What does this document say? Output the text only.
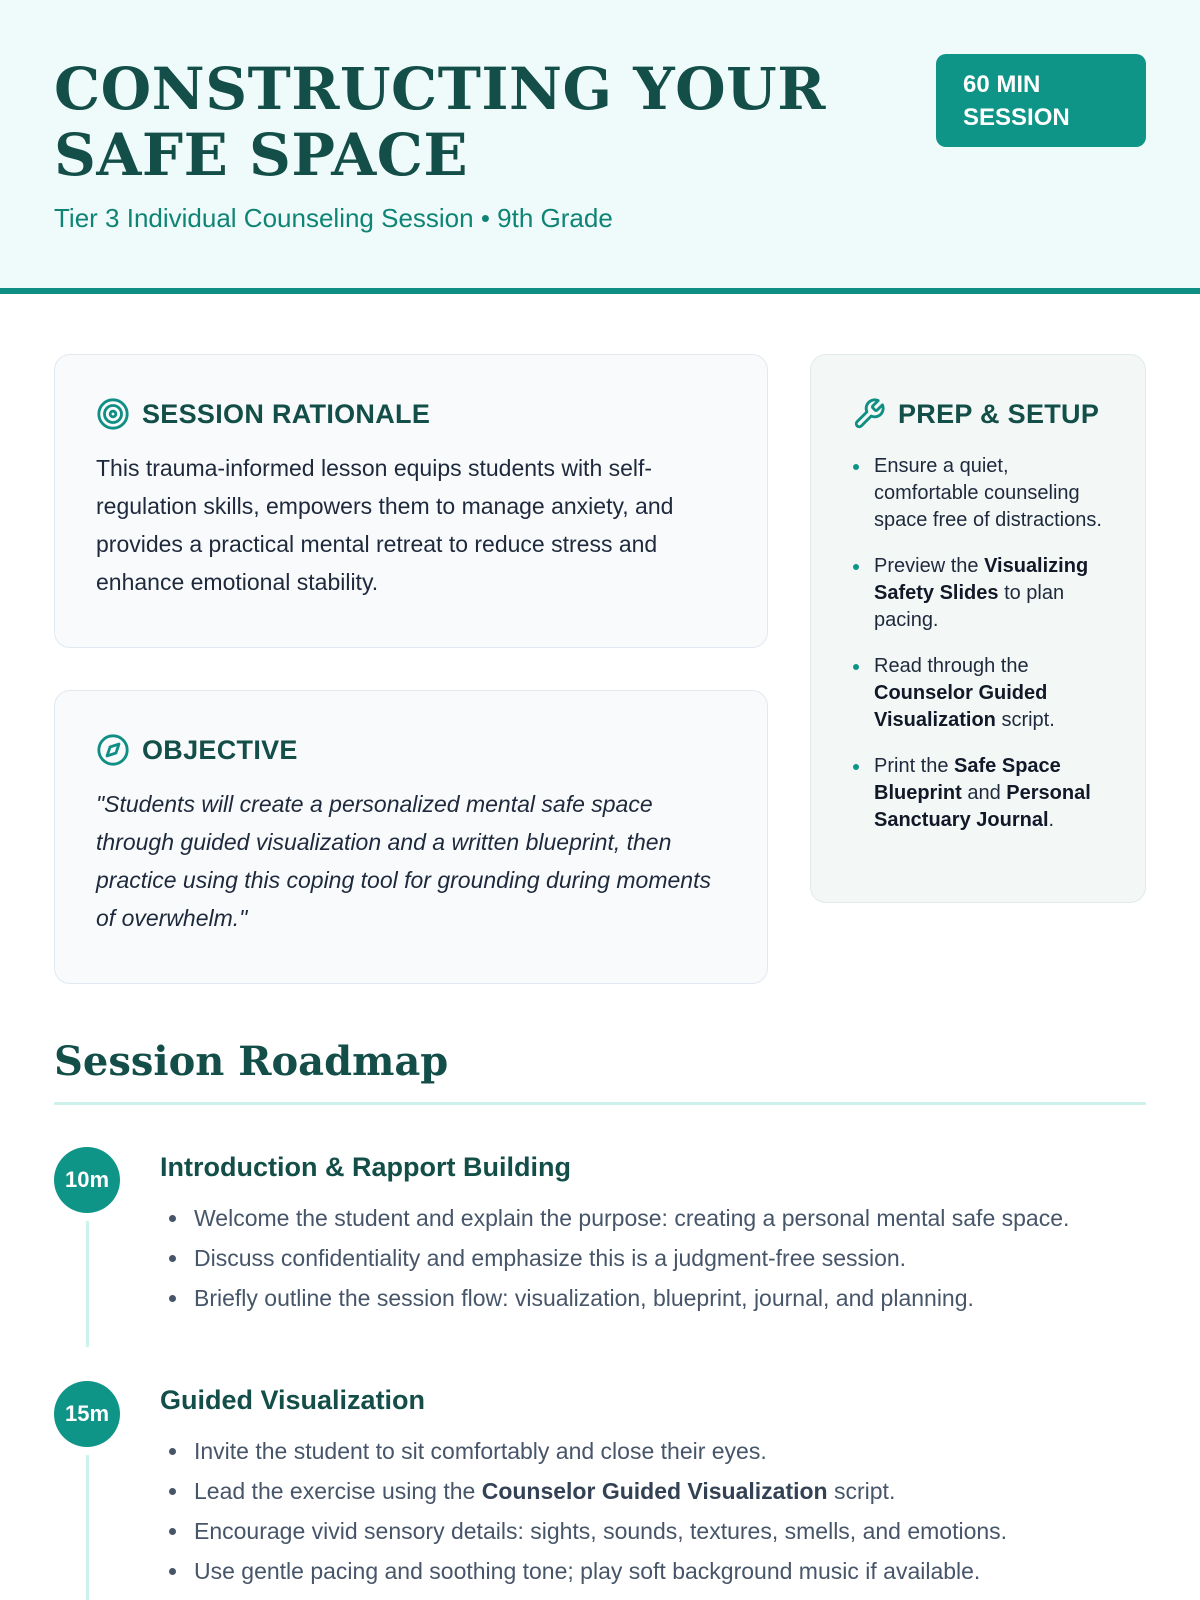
CONSTRUCTING YOUR SAFE SPACE
60 MIN SESSION
Tier 3 Individual Counseling Session • 9th Grade
SESSION RATIONALE
This trauma-informed lesson equips students with self-regulation skills, empowers them to manage anxiety, and provides a practical mental retreat to reduce stress and enhance emotional stability.
OBJECTIVE
"Students will create a personalized mental safe space through guided visualization and a written blueprint, then practice using this coping tool for grounding during moments of overwhelm."
PREP & SETUP
Ensure a quiet, comfortable counseling space free of distractions.
Preview the Visualizing Safety Slides to plan pacing.
Read through the Counselor Guided Visualization script.
Print the Safe Space Blueprint and Personal Sanctuary Journal.
Session Roadmap
10m	Introduction & Rapport Building
Welcome the student and explain the purpose: creating a personal mental safe space.
Discuss confidentiality and emphasize this is a judgment-free session.
Briefly outline the session flow: visualization, blueprint, journal, and planning.
15m	Guided Visualization
Invite the student to sit comfortably and close their eyes.
Lead the exercise using the Counselor Guided Visualization script.
Encourage vivid sensory details: sights, sounds, textures, smells, and emotions.
Use gentle pacing and soothing tone; play soft background music if available.
